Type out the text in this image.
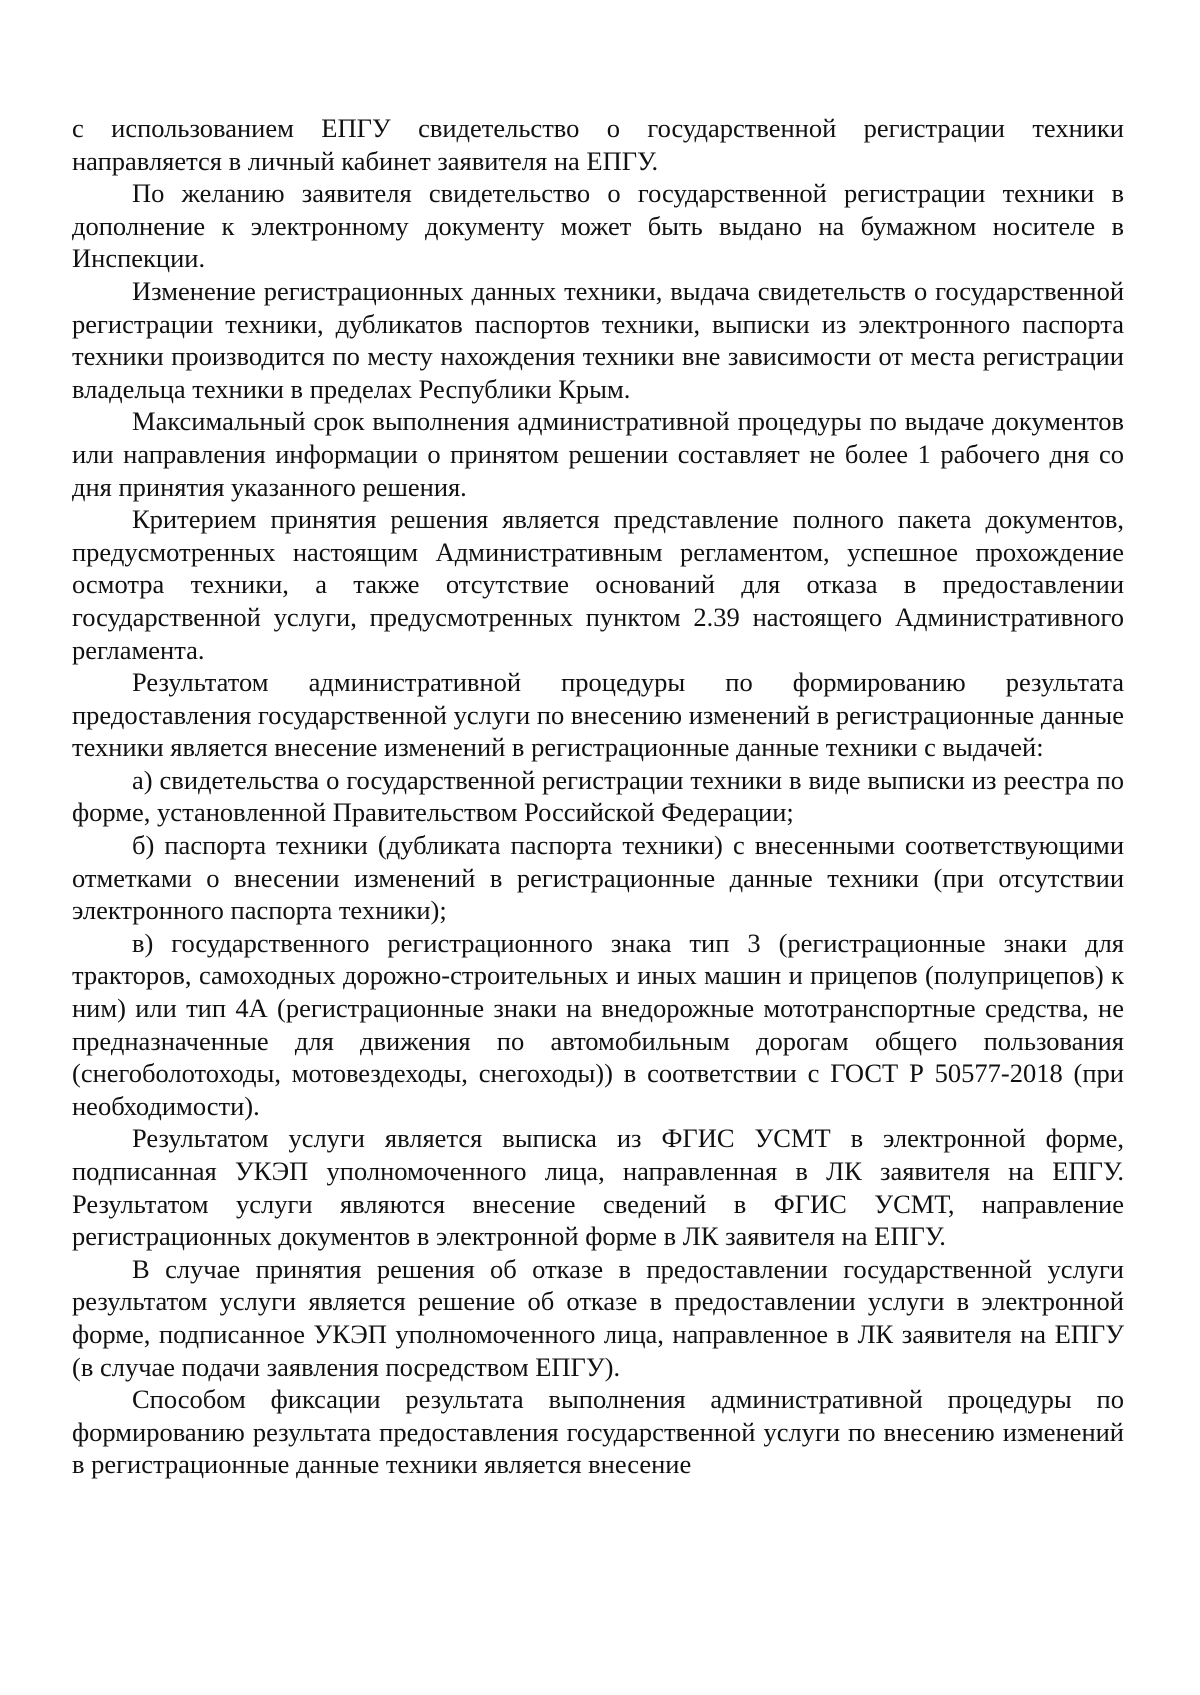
с использованием ЕПГУ свидетельство о государственной регистрации техники направляется в личный кабинет заявителя на ЕПГУ.

По желанию заявителя свидетельство о государственной регистрации техники в дополнение к электронному документу может быть выдано на бумажном носителе в Инспекции.

Изменение регистрационных данных техники, выдача свидетельств о государственной регистрации техники, дубликатов паспортов техники, выписки из электронного паспорта техники производится по месту нахождения техники вне зависимости от места регистрации владельца техники в пределах Республики Крым.

Максимальный срок выполнения административной процедуры по выдаче документов или направления информации о принятом решении составляет не более 1 рабочего дня со дня принятия указанного решения.

Критерием принятия решения является представление полного пакета документов, предусмотренных настоящим Административным регламентом, успешное прохождение осмотра техники, а также отсутствие оснований для отказа в предоставлении государственной услуги, предусмотренных пунктом 2.39 настоящего Административного регламента.

Результатом административной процедуры по формированию результата предоставления государственной услуги по внесению изменений в регистрационные данные техники является внесение изменений в регистрационные данные техники с выдачей:

а) свидетельства о государственной регистрации техники в виде выписки из реестра по форме, установленной Правительством Российской Федерации;

б) паспорта техники (дубликата паспорта техники) с внесенными соответствующими отметками о внесении изменений в регистрационные данные техники (при отсутствии электронного паспорта техники);

в) государственного регистрационного знака тип 3 (регистрационные знаки для тракторов, самоходных дорожно-строительных и иных машин и прицепов (полуприцепов) к ним) или тип 4А (регистрационные знаки на внедорожные мототранспортные средства, не предназначенные для движения по автомобильным дорогам общего пользования (снегоболотоходы, мотовездеходы, снегоходы)) в соответствии с ГОСТ Р 50577-2018 (при необходимости).

Результатом услуги является выписка из ФГИС УСМТ в электронной форме, подписанная УКЭП уполномоченного лица, направленная в ЛК заявителя на ЕПГУ. Результатом услуги являются внесение сведений в ФГИС УСМТ, направление регистрационных документов в электронной форме в ЛК заявителя на ЕПГУ.

В случае принятия решения об отказе в предоставлении государственной услуги результатом услуги является решение об отказе в предоставлении услуги в электронной форме, подписанное УКЭП уполномоченного лица, направленное в ЛК заявителя на ЕПГУ (в случае подачи заявления посредством ЕПГУ).

Способом фиксации результата выполнения административной процедуры по формированию результата предоставления государственной услуги по внесению изменений в регистрационные данные техники является внесение
